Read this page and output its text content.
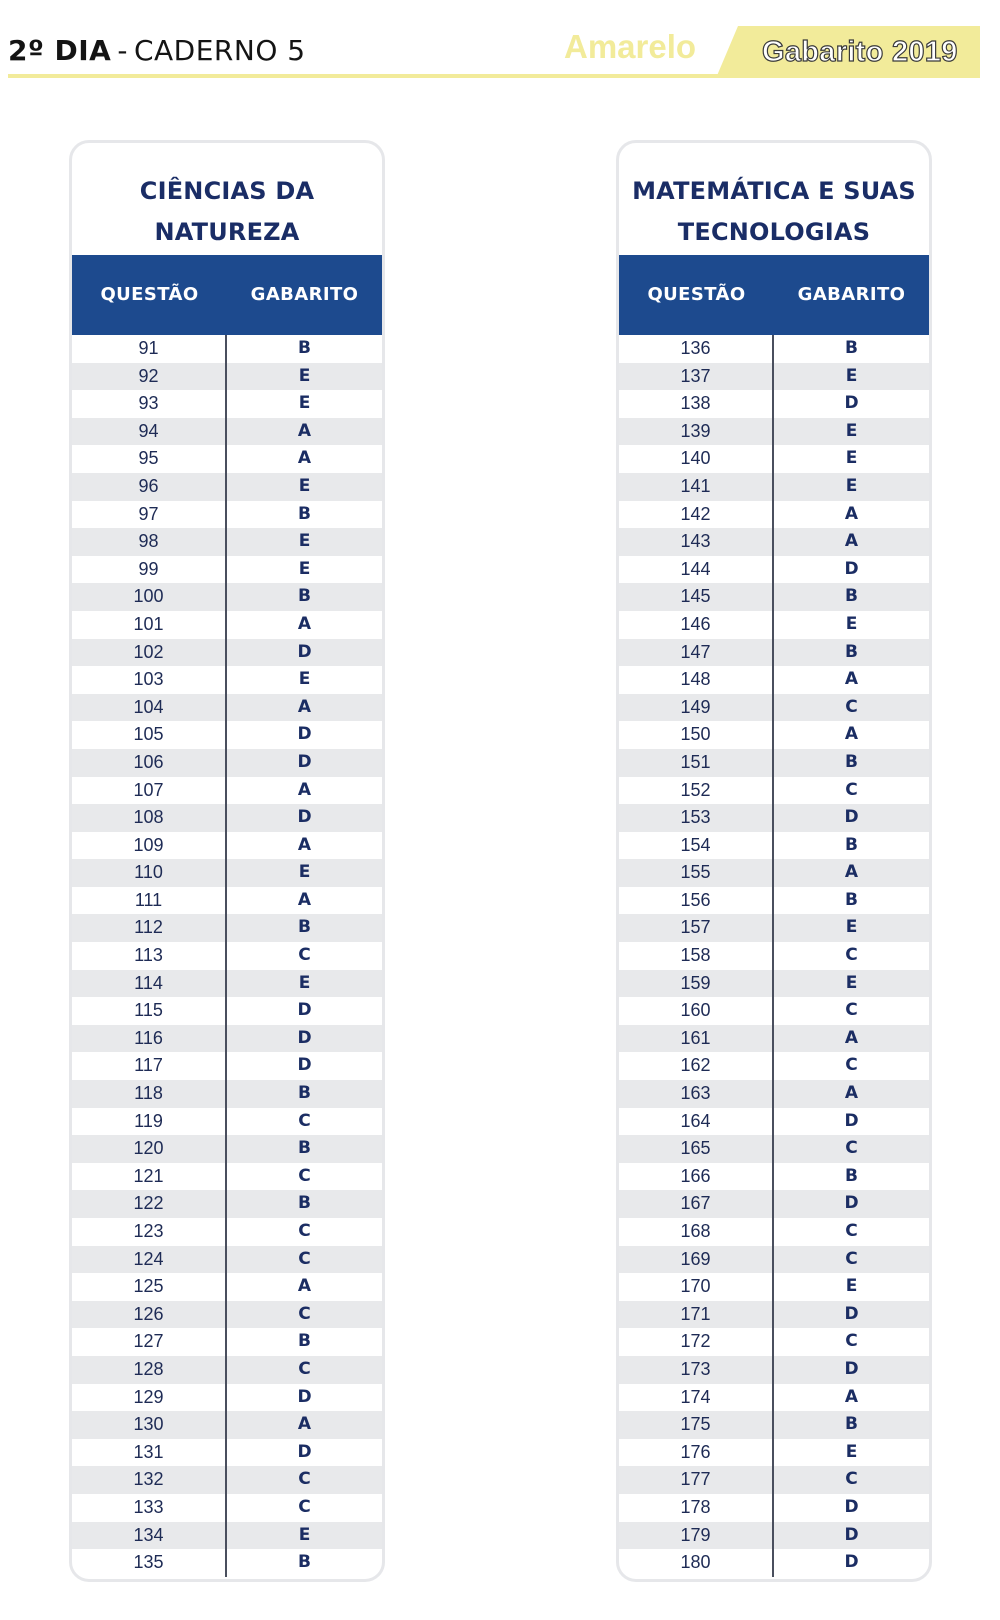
2º DIA - CADERNO 5	Amarelo Gabarito 2019
CIÊNCIAS DA NATUREZA
QUESTÃO	GABARITO
91	B
92	E
93	E
94	A
95	A
96	E
97	B
98	E
99	E
100	B
101	A
102	D
103	E
104	A
105	D
106	D
107	A
108	D
109	A
110	E
111	A
112	B
113	C
114	E
115	D
116	D
117	D
118	B
119	C
120	B
121	C
122	B
123	C
124	C
125	A
126	C
127	B
128	C
129	D
130	A
131	D
132	C
133	C
134	E
135	B
MATEMÁTICA E SUAS
TECNOLOGIAS
QUESTÃO	GABARITO
136	B
137	E
138	D
139	E
140	E
141	E
142	A
143	A
144	D
145	B
146	E
147	B
148	A
149	C
150	A
151	B
152	C
153	D
154	B
155	A
156	B
157	E
158	C
159	E
160	C
161	A
162	C
163	A
164	D
165	C
166	B
167	D
168	C
169	C
170	E
171	D
172	C
173	D
174	A
175	B
176	E
177	C
178	D
179	D
180	D
